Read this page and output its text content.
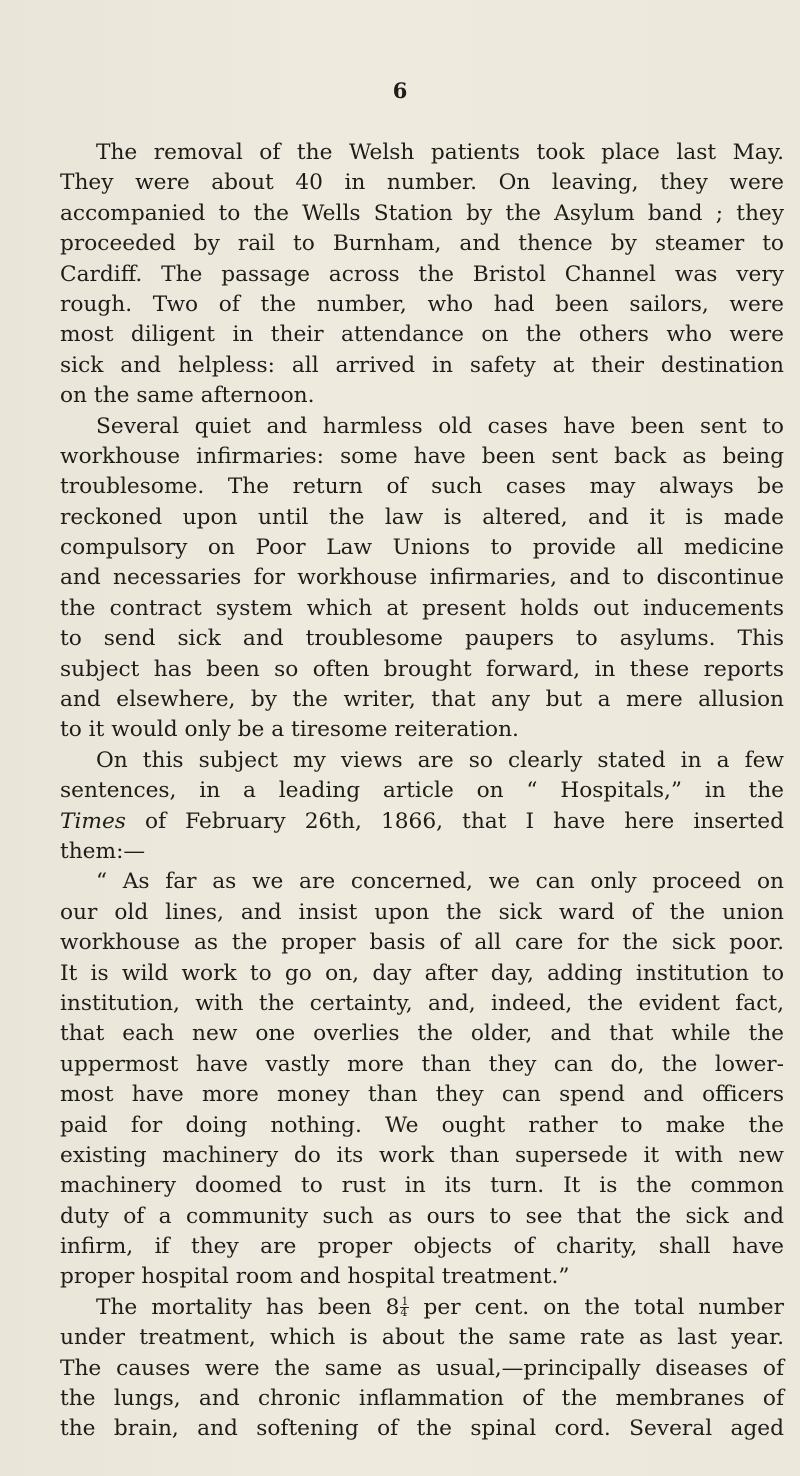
6
The removal of the Welsh patients took place last May.
They were about 40 in number. On leaving, they were
accompanied to the Wells Station by the Asylum band ; they
proceeded by rail to Burnham, and thence by steamer to
Cardiff. The passage across the Bristol Channel was very
rough. Two of the number, who had been sailors, were
most diligent in their attendance on the others who were
sick and helpless: all arrived in safety at their destination
on the same afternoon.
Several quiet and harmless old cases have been sent to
workhouse infirmaries: some have been sent back as being
troublesome. The return of such cases may always be
reckoned upon until the law is altered, and it is made
compulsory on Poor Law Unions to provide all medicine
and necessaries for workhouse infirmaries, and to discontinue
the contract system which at present holds out inducements
to send sick and troublesome paupers to asylums. This
subject has been so often brought forward, in these reports
and elsewhere, by the writer, that any but a mere allusion
to it would only be a tiresome reiteration.
On this subject my views are so clearly stated in a few
sentences, in a leading article on “ Hospitals,” in the
Times of February 26th, 1866, that I have here inserted
them:—
“ As far as we are concerned, we can only proceed on
our old lines, and insist upon the sick ward of the union
workhouse as the proper basis of all care for the sick poor.
It is wild work to go on, day after day, adding institution to
institution, with the certainty, and, indeed, the evident fact,
that each new one overlies the older, and that while the
uppermost have vastly more than they can do, the lower-
most have more money than they can spend and officers
paid for doing nothing. We ought rather to make the
existing machinery do its work than supersede it with new
machinery doomed to rust in its turn. It is the common
duty of a community such as ours to see that the sick and
infirm, if they are proper objects of charity, shall have
proper hospital room and hospital treatment.”
The mortality has been $8 \frac{1}{4}$ per cent. on the total number
under treatment, which is about the same rate as last year.
The causes were the same as usual,—principally diseases of
the lungs, and chronic inflammation of the membranes of
the brain, and softening of the spinal cord. Several aged
